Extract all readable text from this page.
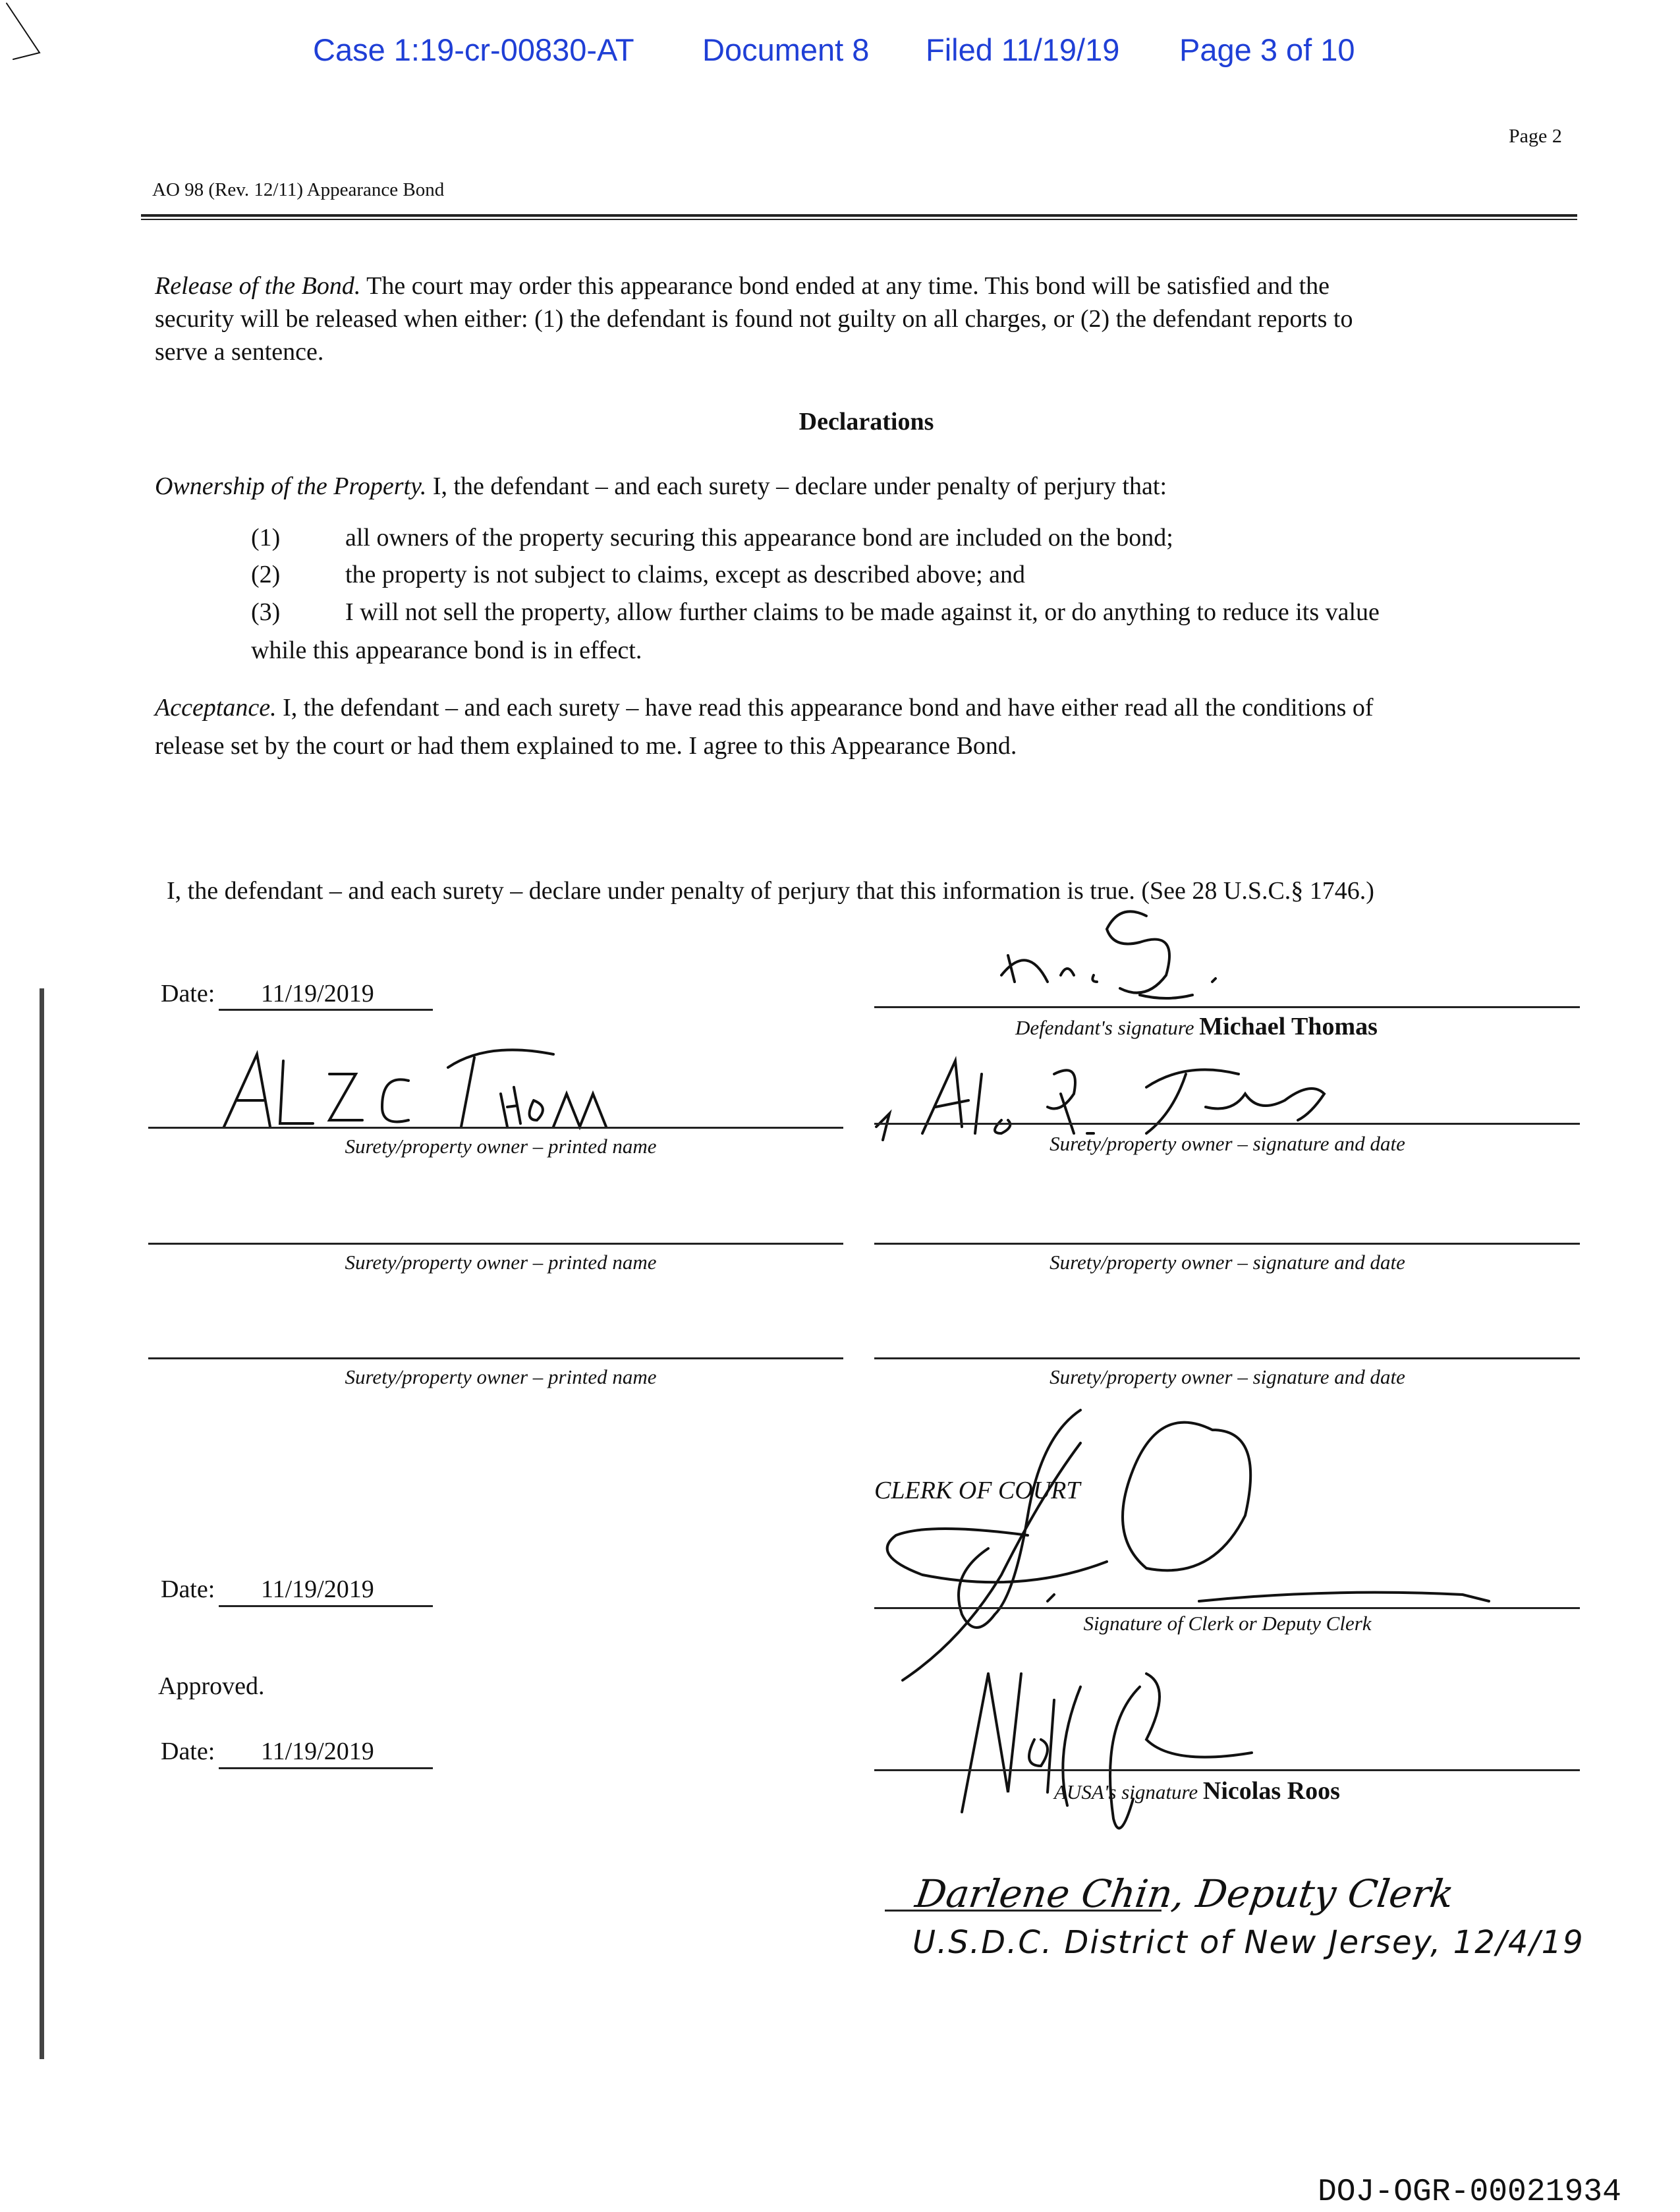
Case 1:19-cr-00830-AT Document 8 Filed 11/19/19 Page 3 of 10
Page 2
AO 98 (Rev. 12/11) Appearance Bond
Release of the Bond. The court may order this appearance bond ended at any time. This bond will be satisfied and the
security will be released when either: (1) the defendant is found not guilty on all charges, or (2) the defendant reports to
serve a sentence.
Declarations
Ownership of the Property. I, the defendant – and each surety – declare under penalty of perjury that:
(1)	all owners of the property securing this appearance bond are included on the bond;
(2)	the property is not subject to claims, except as described above; and
(3)	I will not sell the property, allow further claims to be made against it, or do anything to reduce its value
while this appearance bond is in effect.
Acceptance. I, the defendant – and each surety – have read this appearance bond and have either read all the conditions of
release set by the court or had them explained to me. I agree to this Appearance Bond.
I, the defendant – and each surety – declare under penalty of perjury that this information is true. (See 28 U.S.C.§ 1746.)
Date: 11/19/2019
Defendant's signature Michael Thomas
Surety/property owner – printed name	Surety/property owner – signature and date
Surety/property owner – printed name	Surety/property owner – signature and date
Surety/property owner – printed name	Surety/property owner – signature and date
CLERK OF COURT
Date: 11/19/2019
Signature of Clerk or Deputy Clerk
Approved.
Date: 11/19/2019
AUSA's signature Nicolas Roos
Darlene Chin, Deputy Clerk
U.S.D.C. District of New Jersey, 12/4/19
DOJ-OGR-00021934
